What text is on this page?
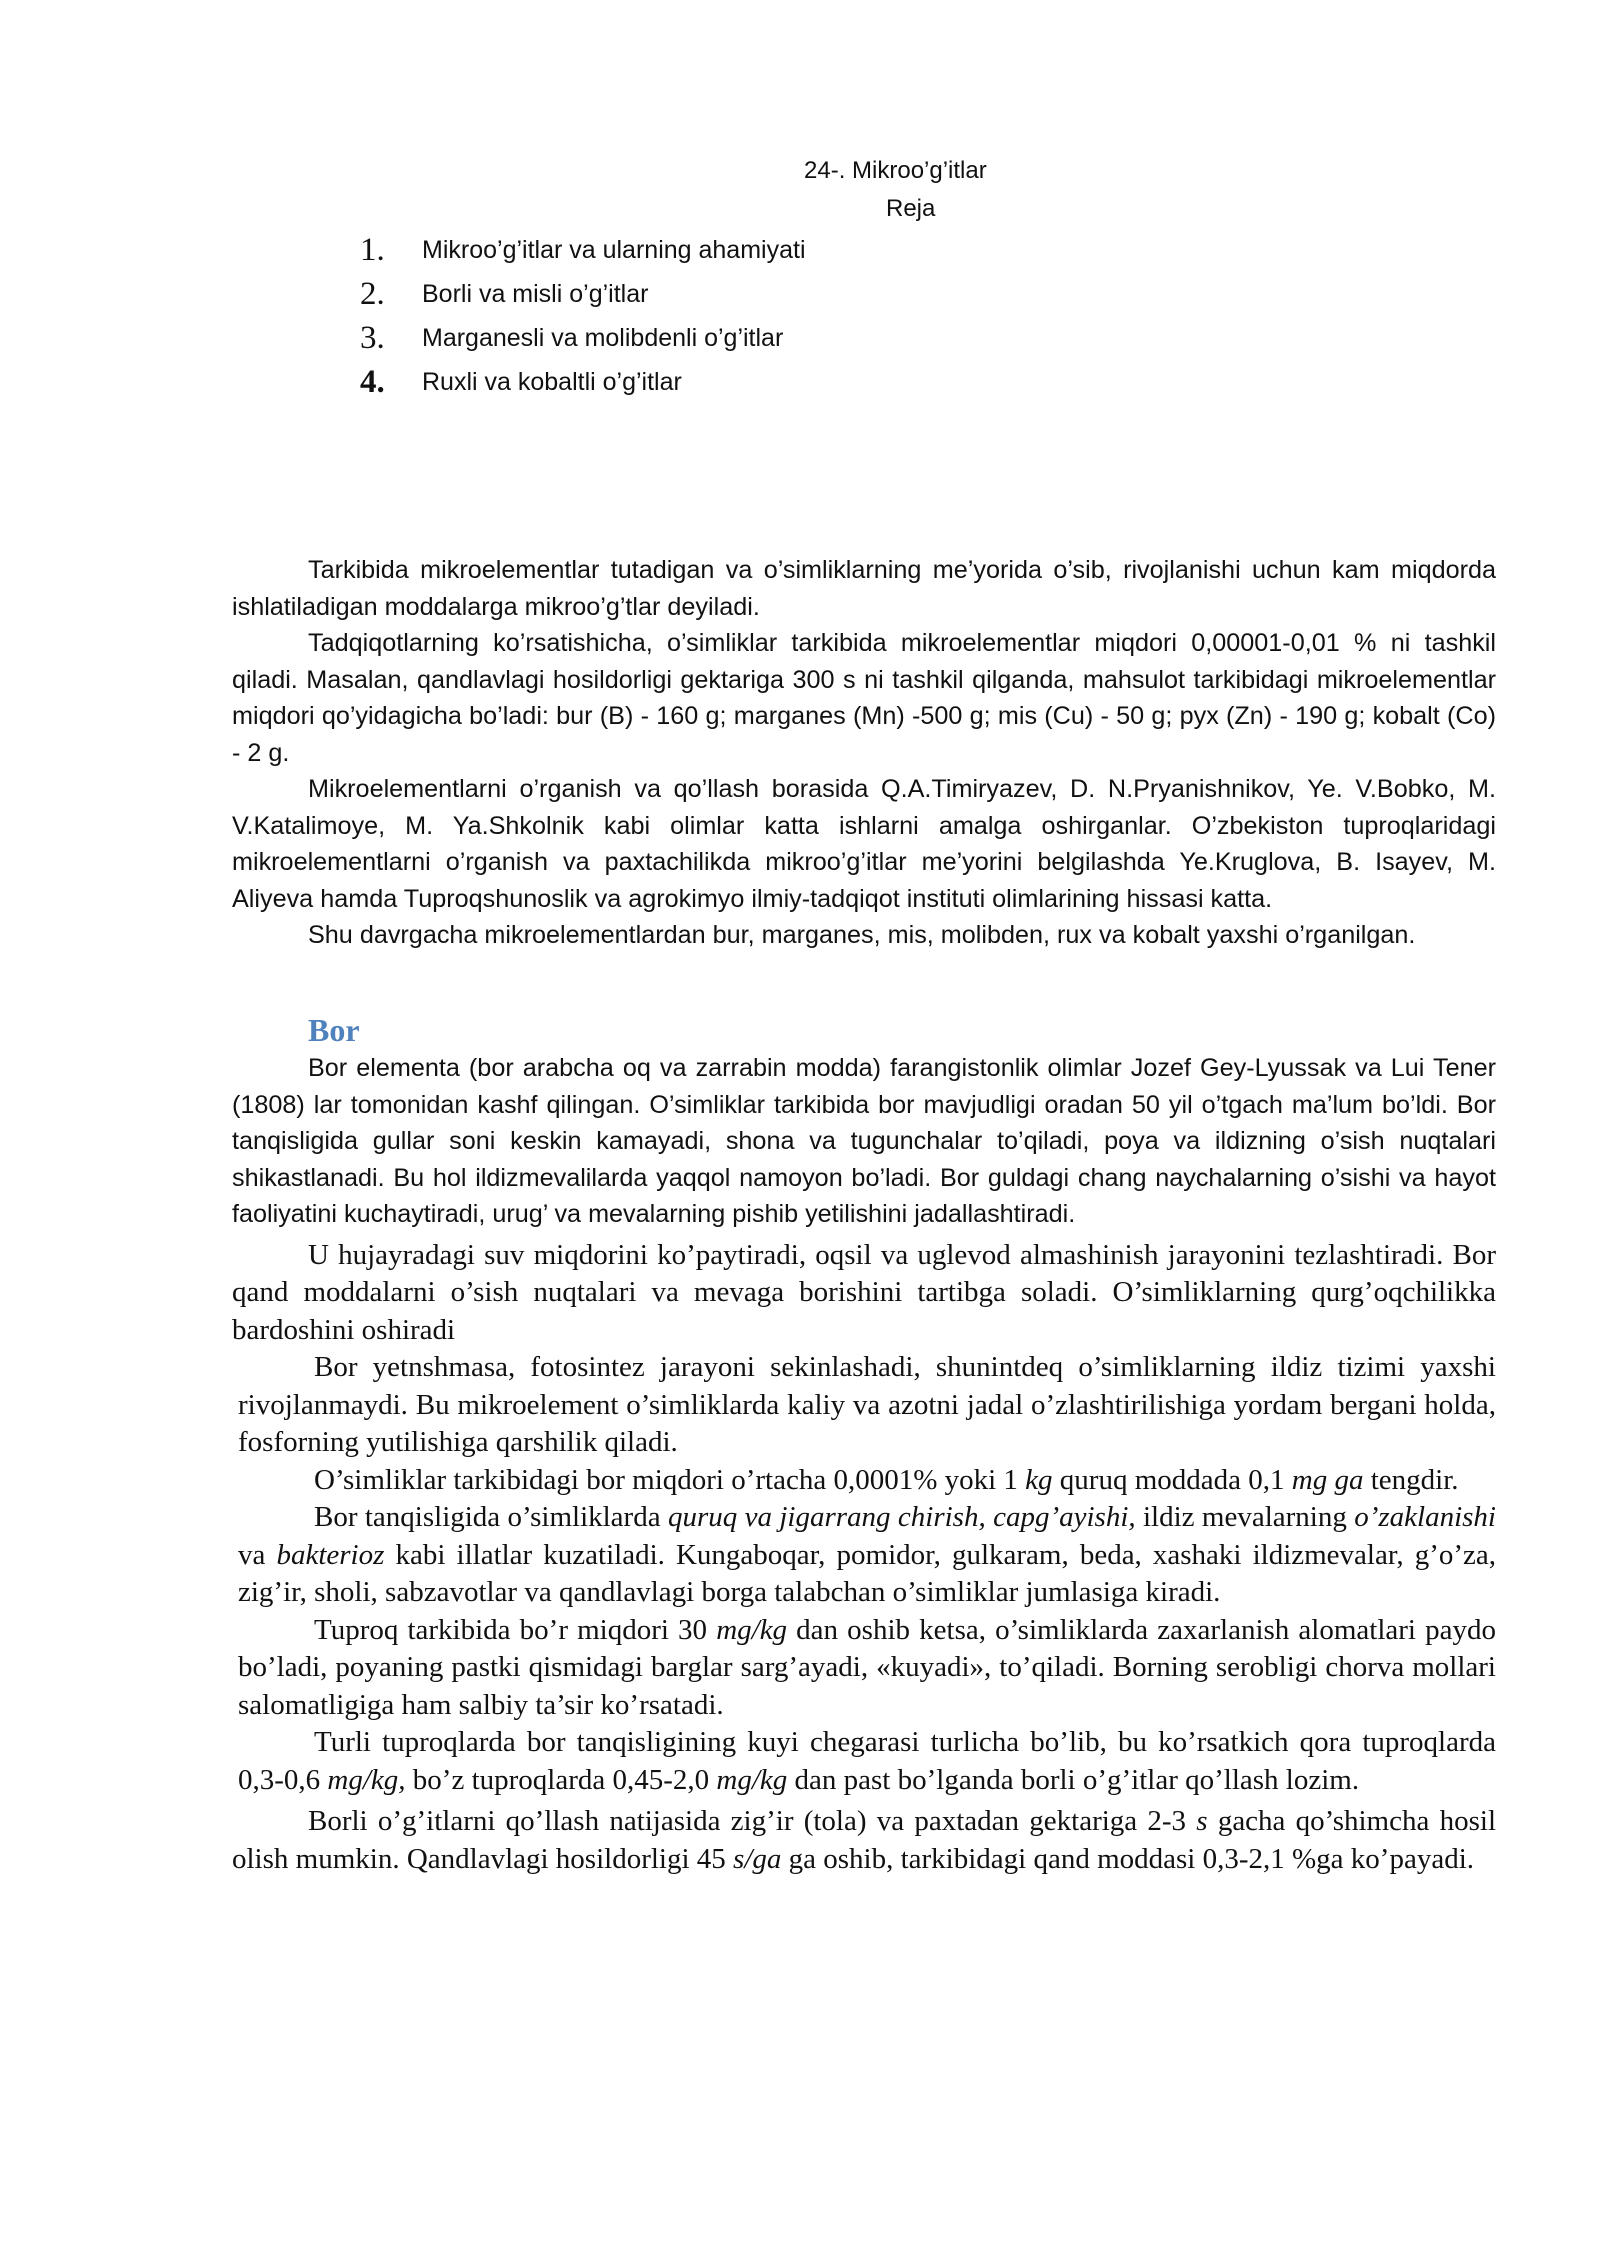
24-. Mikroo’g’itlar
Reja
1.	Mikroo’g’itlar va ularning ahamiyati
2.	Borli va misli o’g’itlar
3.	Marganesli va molibdenli o’g’itlar
4.	Ruxli va kobaltli o’g’itlar

Tarkibida mikroelementlar tutadigan va o’simliklarning me’yorida o’sib, rivojlanishi uchun kam miqdorda ishlatiladigan moddalarga mikroo’g’tlar deyiladi.

Tadqiqotlarning ko’rsatishicha, o’simliklar tarkibida mikroelementlar miqdori 0,00001-0,01 % ni tashkil qiladi. Masalan, qandlavlagi hosildorligi gektariga 300 s ni tashkil qilganda, mahsulot tarkibidagi mikroelementlar miqdori qo’yidagicha bo’ladi: bur (B) - 160 g; marganes (Mn) -500 g; mis (Cu) - 50 g; pyx (Zn) - 190 g; kobalt (Co) - 2 g.

Mikroelementlarni o’rganish va qo’llash borasida Q.A.Timiryazev, D. N.Pryanishnikov, Ye. V.Bobko, M. V.Katalimoye, M. Ya.Shkolnik kabi olimlar katta ishlarni amalga oshirganlar. O’zbekiston tuproqlaridagi mikroelementlarni o’rganish va paxtachilikda mikroo’g’itlar me’yorini belgilashda Ye.Kruglova, B. Isayev, M. Aliyeva hamda Tuproqshunoslik va agrokimyo ilmiy-tadqiqot instituti olimlarining hissasi katta.

Shu davrgacha mikroelementlardan bur, marganes, mis, molibden, rux va kobalt yaxshi o’rganilgan.

Bor

Bor elementa (bor arabcha oq va zarrabin modda) farangistonlik olimlar Jozef Gey-Lyussak va Lui Tener (1808) lar tomonidan kashf qilingan. O’simliklar tarkibida bor mavjudligi oradan 50 yil o’tgach ma’lum bo’ldi. Bor tanqisligida gullar soni keskin kamayadi, shona va tugunchalar to’qiladi, poya va ildizning o’sish nuqtalari shikastlanadi. Bu hol ildizmevalilarda yaqqol namoyon bo’ladi. Bor guldagi chang naychalarning o’sishi va hayot faoliyatini kuchaytiradi, urug’ va mevalarning pishib yetilishini jadallashtiradi.

U hujayradagi suv miqdorini ko’paytiradi, oqsil va uglevod almashinish jarayonini tezlashtiradi. Bor qand moddalarni o’sish nuqtalari va mevaga borishini tartibga soladi. O’simliklarning qurg’oqchilikka bardoshini oshiradi

Bor yetnshmasa, fotosintez jarayoni sekinlashadi, shunintdeq o’simliklarning ildiz tizimi yaxshi rivojlanmaydi. Bu mikroelement o’simliklarda kaliy va azotni jadal o’zlashtirilishiga yordam bergani holda, fosforning yutilishiga qarshilik qiladi.

O’simliklar tarkibidagi bor miqdori o’rtacha 0,0001% yoki 1 kg quruq moddada 0,1 mg ga tengdir.

Bor tanqisligida o’simliklarda quruq va jigarrang chirish, capg’ayishi, ildiz mevalarning o’zaklanishi va bakterioz kabi illatlar kuzatiladi. Kungaboqar, pomidor, gulkaram, beda, xashaki ildizmevalar, g’o’za, zig’ir, sholi, sabzavotlar va qandlavlagi borga talabchan o’simliklar jumlasiga kiradi.

Tuproq tarkibida bo’r miqdori 30 mg/kg dan oshib ketsa, o’simliklarda zaxarlanish alomatlari paydo bo’ladi, poyaning pastki qismidagi barglar sarg’ayadi, «kuyadi», to’qiladi. Borning serobligi chorva mollari salomatligiga ham salbiy ta’sir ko’rsatadi.

Turli tuproqlarda bor tanqisligining kuyi chegarasi turlicha bo’lib, bu ko’rsatkich qora tuproqlarda 0,3-0,6 mg/kg, bo’z tuproqlarda 0,45-2,0 mg/kg dan past bo’lganda borli o’g’itlar qo’llash lozim.

Borli o’g’itlarni qo’llash natijasida zig’ir (tola) va paxtadan gektariga 2-3 s gacha qo’shimcha hosil olish mumkin. Qandlavlagi hosildorligi 45 s/ga ga oshib, tarkibidagi qand moddasi 0,3-2,1 %ga ko’payadi.
